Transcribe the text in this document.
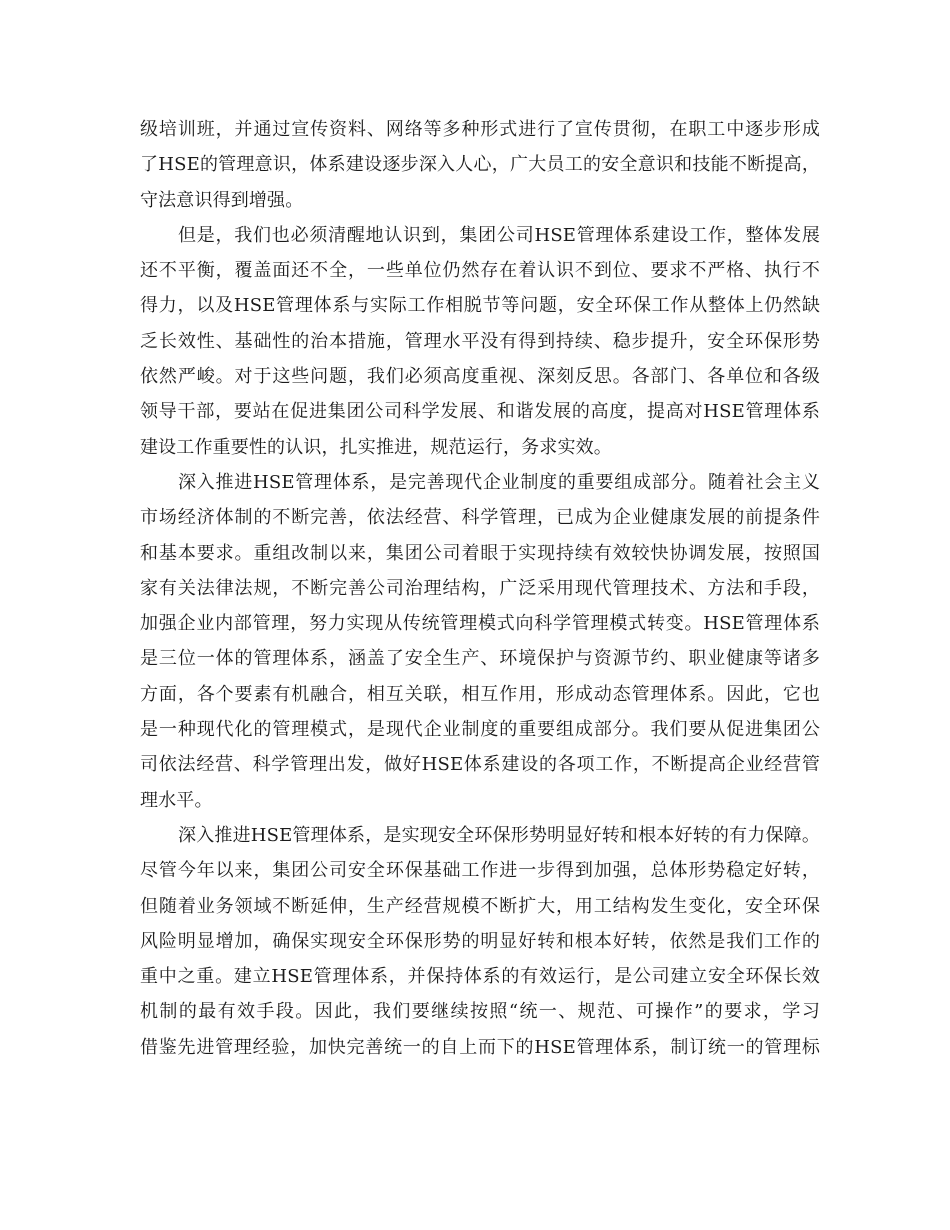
级培训班，并通过宣传资料、网络等多种形式进行了宣传贯彻，在职工中逐步形成
了HSE的管理意识，体系建设逐步深入人心，广大员工的安全意识和技能不断提高，
守法意识得到增强。
但是，我们也必须清醒地认识到，集团公司HSE管理体系建设工作，整体发展
还不平衡，覆盖面还不全，一些单位仍然存在着认识不到位、要求不严格、执行不
得力，以及HSE管理体系与实际工作相脱节等问题，安全环保工作从整体上仍然缺
乏长效性、基础性的治本措施，管理水平没有得到持续、稳步提升，安全环保形势
依然严峻。对于这些问题，我们必须高度重视、深刻反思。各部门、各单位和各级
领导干部，要站在促进集团公司科学发展、和谐发展的高度，提高对HSE管理体系
建设工作重要性的认识，扎实推进，规范运行，务求实效。
深入推进HSE管理体系，是完善现代企业制度的重要组成部分。随着社会主义
市场经济体制的不断完善，依法经营、科学管理，已成为企业健康发展的前提条件
和基本要求。重组改制以来，集团公司着眼于实现持续有效较快协调发展，按照国
家有关法律法规，不断完善公司治理结构，广泛采用现代管理技术、方法和手段，
加强企业内部管理，努力实现从传统管理模式向科学管理模式转变。HSE管理体系
是三位一体的管理体系，涵盖了安全生产、环境保护与资源节约、职业健康等诸多
方面，各个要素有机融合，相互关联，相互作用，形成动态管理体系。因此，它也
是一种现代化的管理模式，是现代企业制度的重要组成部分。我们要从促进集团公
司依法经营、科学管理出发，做好HSE体系建设的各项工作，不断提高企业经营管
理水平。
深入推进HSE管理体系，是实现安全环保形势明显好转和根本好转的有力保障。
尽管今年以来，集团公司安全环保基础工作进一步得到加强，总体形势稳定好转，
但随着业务领域不断延伸，生产经营规模不断扩大，用工结构发生变化，安全环保
风险明显增加，确保实现安全环保形势的明显好转和根本好转，依然是我们工作的
重中之重。建立HSE管理体系，并保持体系的有效运行，是公司建立安全环保长效
机制的最有效手段。因此，我们要继续按照“统一、规范、可操作”的要求，学习
借鉴先进管理经验，加快完善统一的自上而下的HSE管理体系，制订统一的管理标
